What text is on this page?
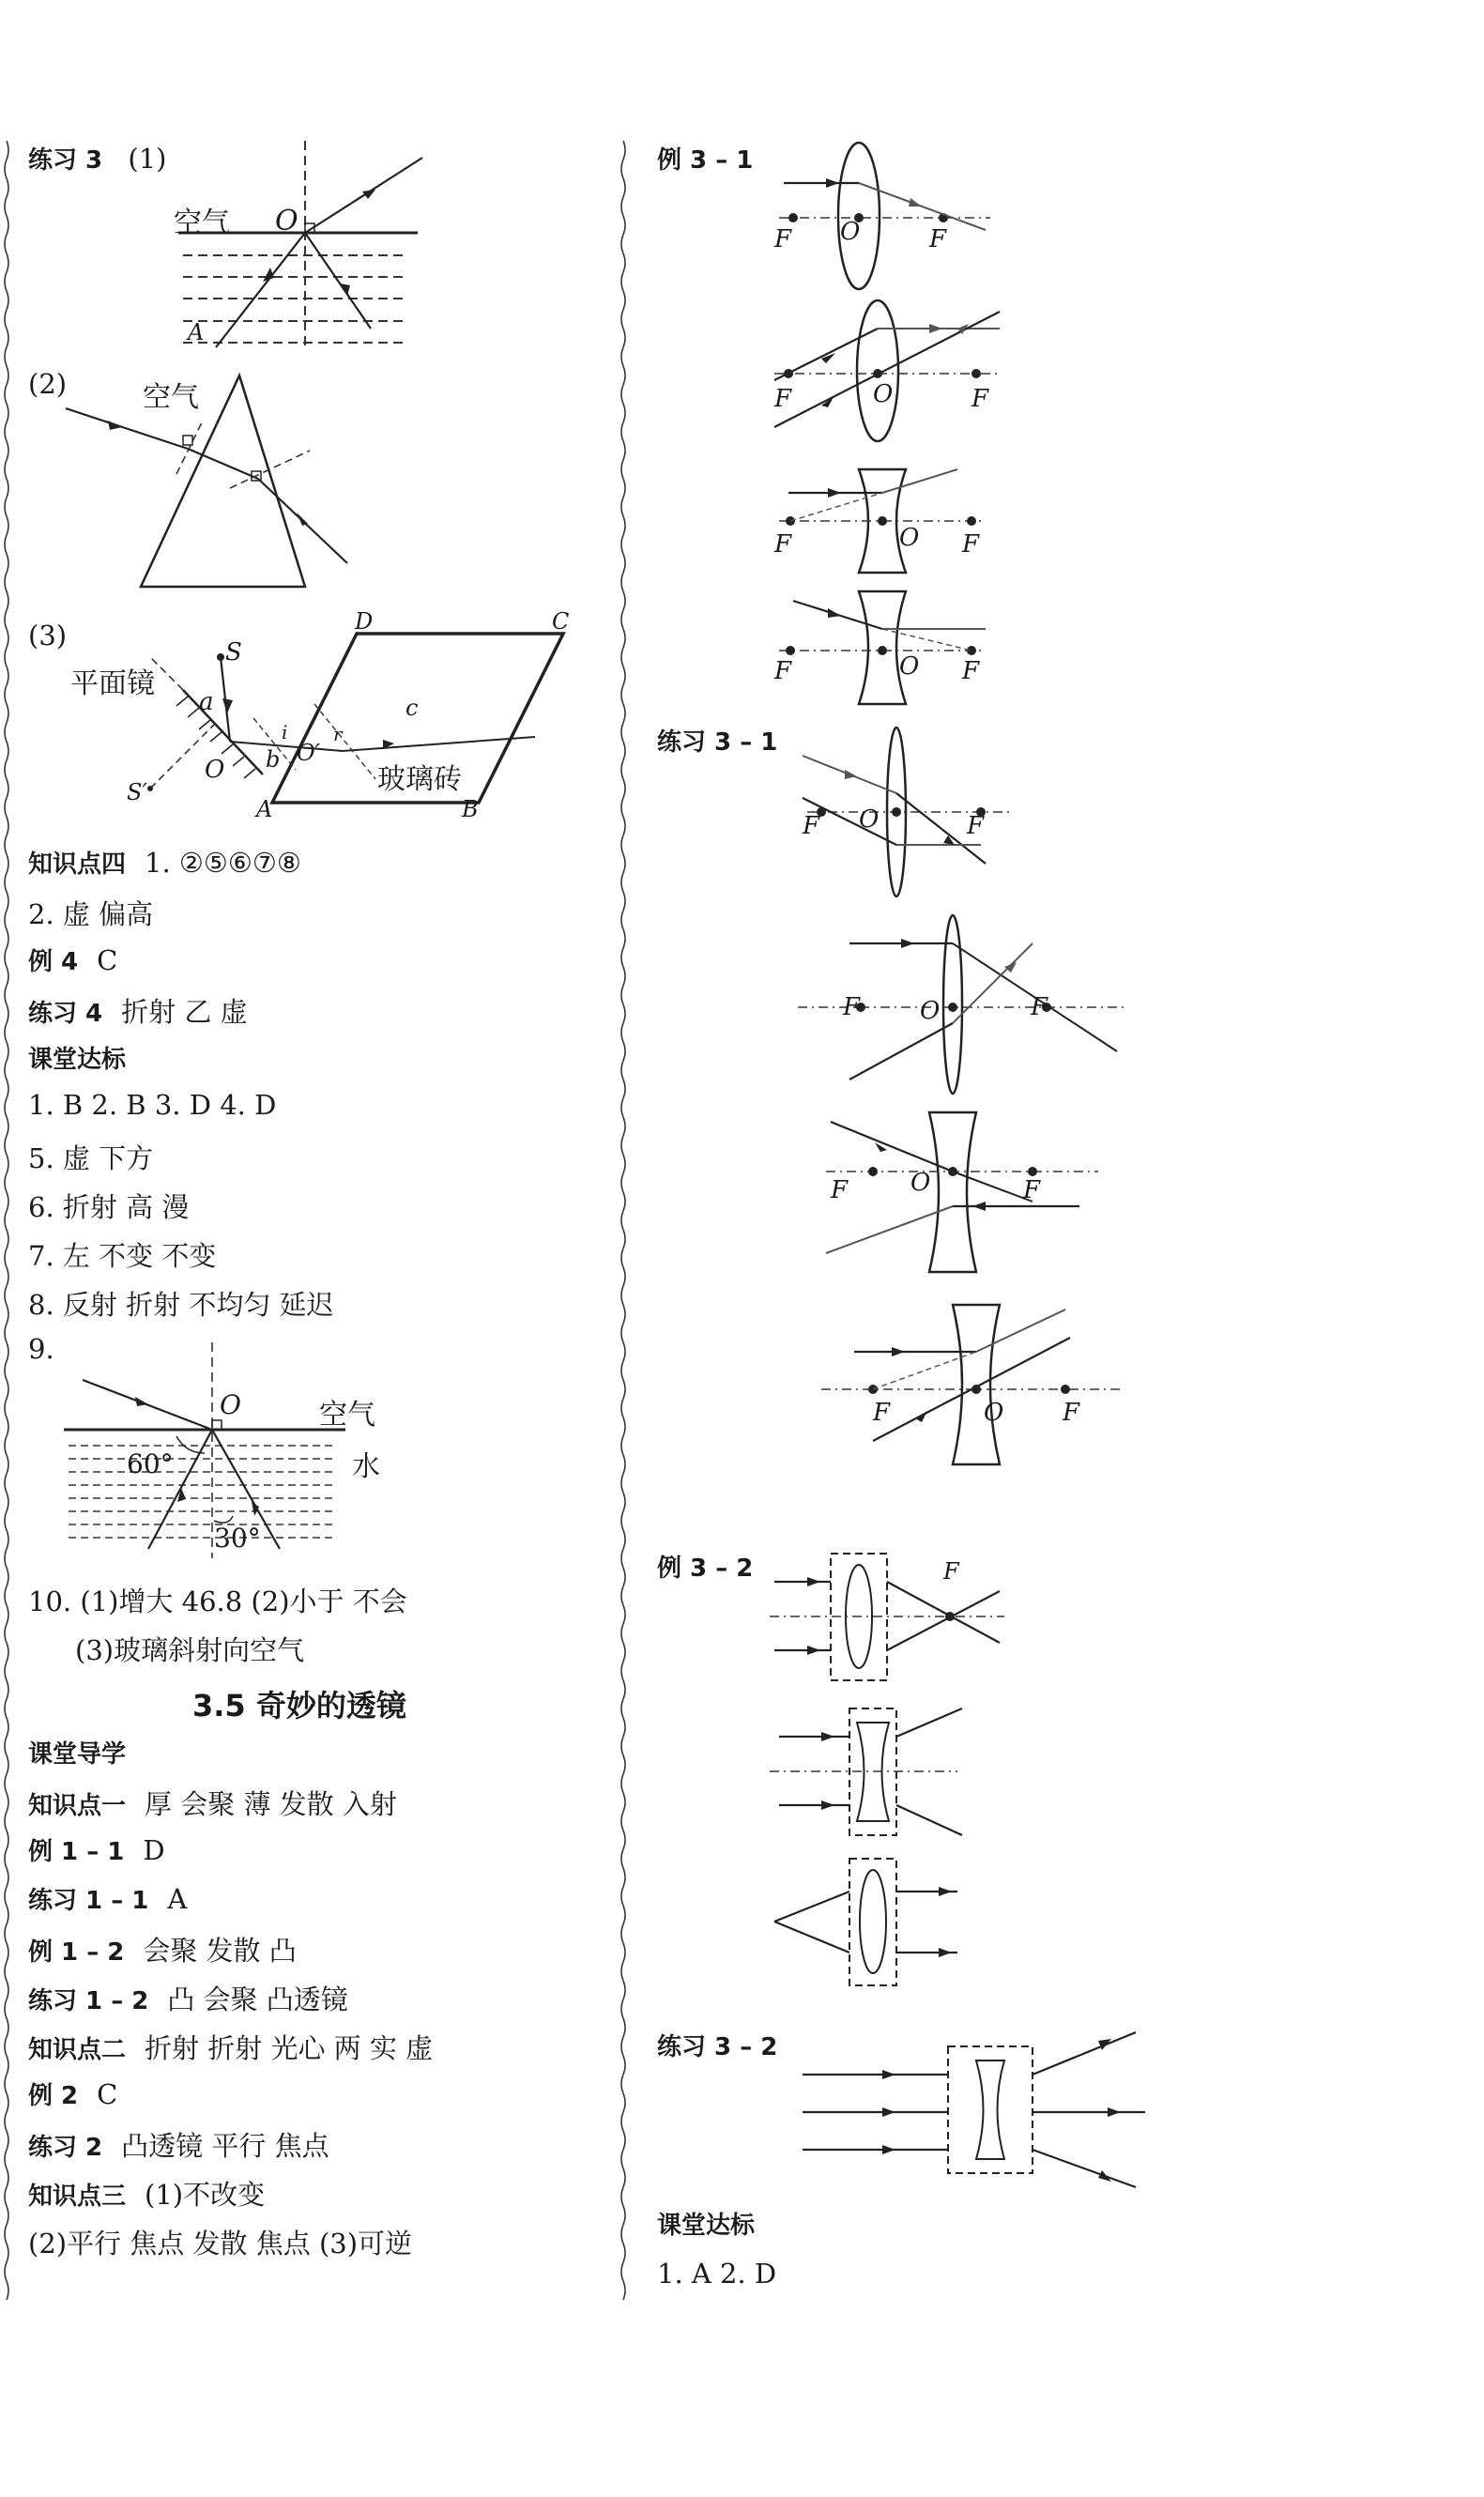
练习 3 (1)
空气 O
A
(2)	空气
(3)
平面镜
S
S′
a
b
c
i r
O
O′
A	B
C
D
玻璃砖
知识点四 1. ②⑤⑥⑦⑧
2. 虚 偏高
例 4 C
练习 4 折射 乙 虚
课堂达标
1. B 2. B 3. D 4. D
5. 虚 下方
6. 折射 高 漫
7. 左 不变 不变
8. 反射 折射 不均匀 延迟
9.
O	空气
水
60°
30°
10. (1)增大 46.8 (2)小于 不会
(3)玻璃斜射向空气
3.5 奇妙的透镜
课堂导学
知识点一 厚 会聚 薄 发散 入射
例 1 – 1 D
练习 1 – 1 A
例 1 – 2 会聚 发散 凸
练习 1 – 2 凸 会聚 凸透镜
知识点二 折射 折射 光心 两 实 虚
例 2 C
练习 2 凸透镜 平行 焦点
知识点三 (1)不改变
(2)平行 焦点 发散 焦点 (3)可逆
例 3 – 1
F O	F
F	O	F
F	O F
F	O F
练习 3 – 1
F O	F
F O	F
F	O	F
F	O F
例 3 – 2	F
练习 3 – 2
课堂达标
1. A 2. D
